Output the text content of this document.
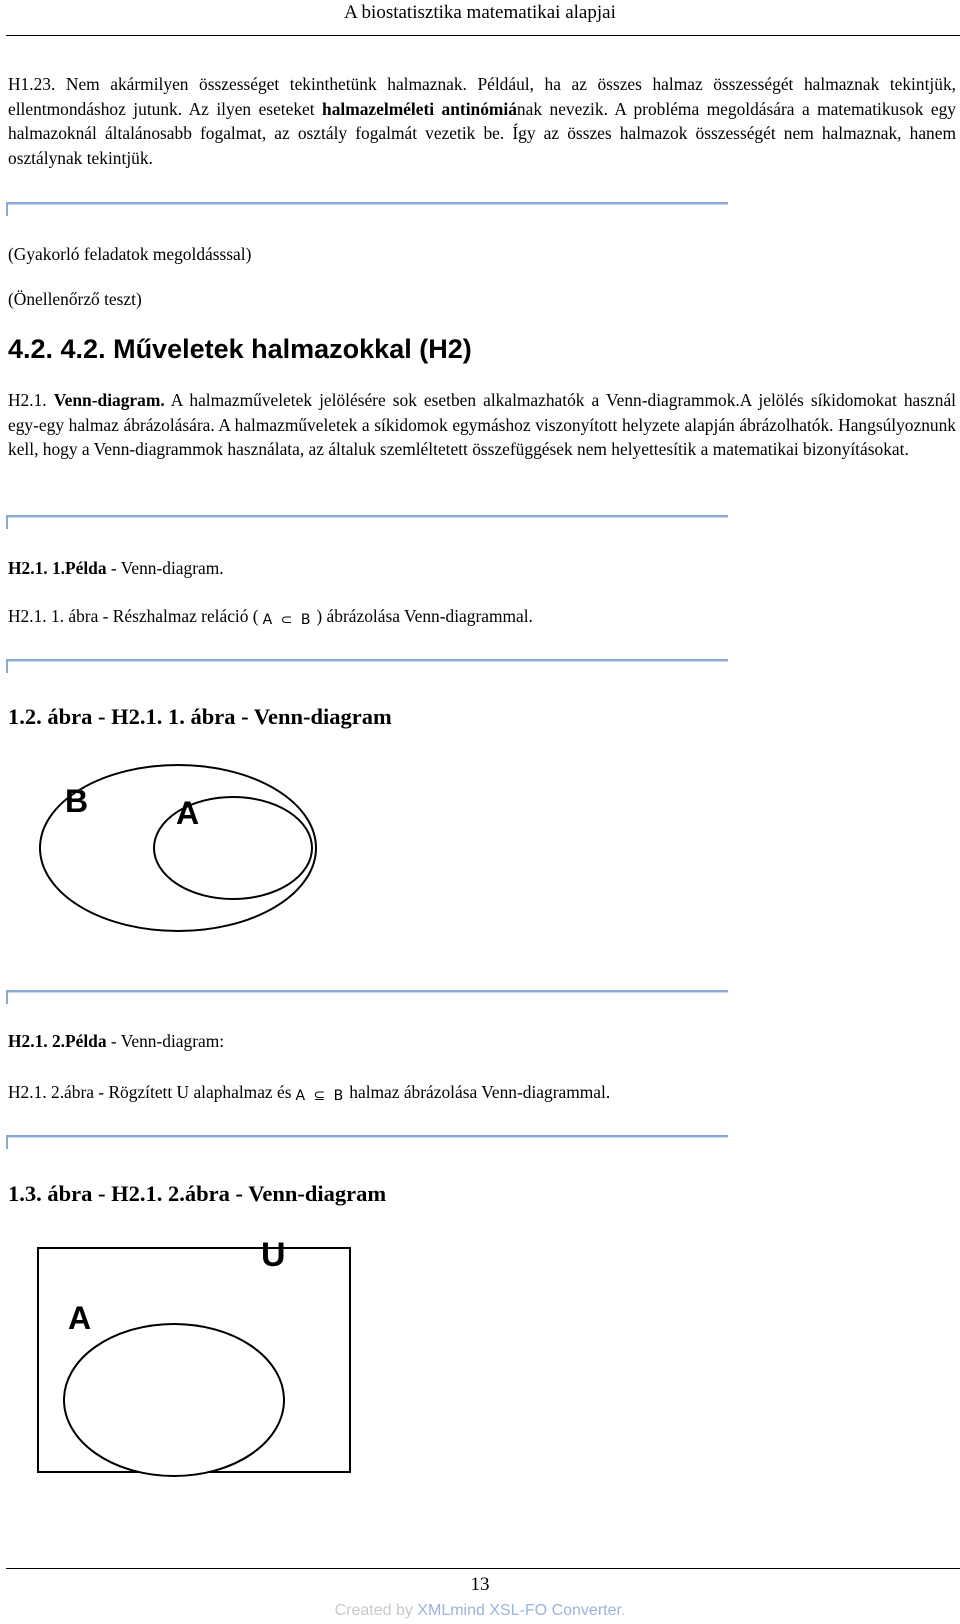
A biostatisztika matematikai alapjai
H1.23. Nem akármilyen összességet tekinthetünk halmaznak. Például, ha az összes halmaz összességét halmaznak tekintjük, ellentmondáshoz jutunk. Az ilyen eseteket halmazelméleti antinómiának nevezik. A probléma megoldására a matematikusok egy halmazoknál általánosabb fogalmat, az osztály fogalmát vezetik be. Így az összes halmazok összességét nem halmaznak, hanem osztálynak tekintjük.
(Gyakorló feladatok megoldásssal)
(Önellenőrző teszt)
4.2. 4.2. Műveletek halmazokkal (H2)
H2.1. Venn-diagram. A halmazműveletek jelölésére sok esetben alkalmazhatók a Venn-diagrammok.A jelölés síkidomokat használ egy-egy halmaz ábrázolására. A halmazműveletek a síkidomok egymáshoz viszonyított helyzete alapján ábrázolhatók. Hangsúlyoznunk kell, hogy a Venn-diagrammok használata, az általuk szemléltetett összefüggések nem helyettesítik a matematikai bizonyításokat.
H2.1. 1.Példa - Venn-diagram.
H2.1. 1. ábra - Részhalmaz reláció ( A ⊂ B ) ábrázolása Venn-diagrammal.
1.2. ábra - H2.1. 1. ábra - Venn-diagram
B	A
H2.1. 2.Példa - Venn-diagram:
H2.1. 2.ábra - Rögzített U alaphalmaz és A ⊆ B halmaz ábrázolása Venn-diagrammal.
1.3. ábra - H2.1. 2.ábra - Venn-diagram
U
A
13
Created by XMLmind XSL-FO Converter.
